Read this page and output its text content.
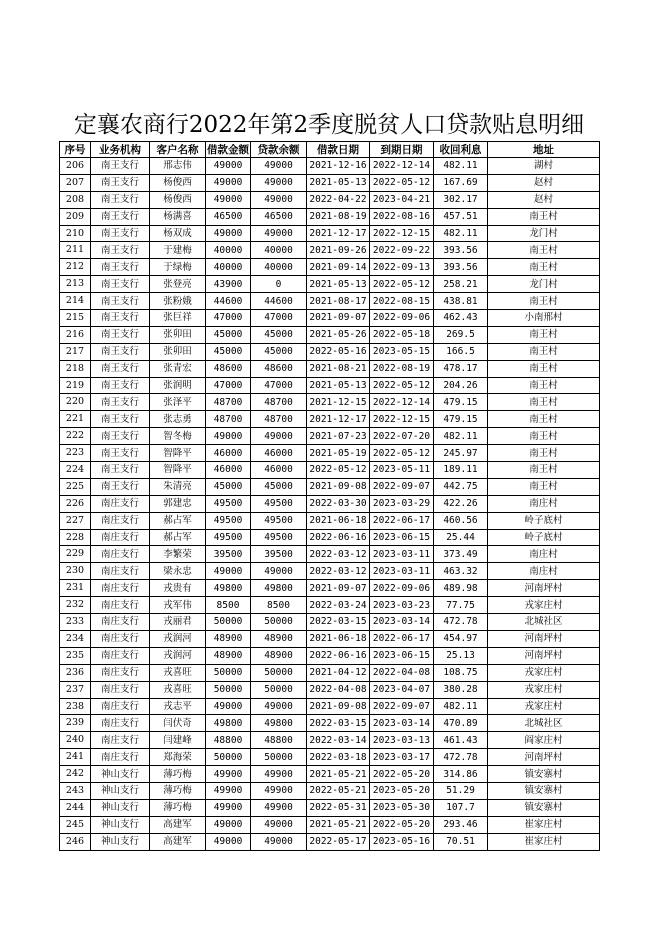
定襄农商行2022年第2季度脱贫人口贷款贴息明细
序号	业务机构	客户名称	借款金额	贷款余额	借款日期	到期日期	收回利息	地址
206	南王支行	邢志伟	49000	49000	2021-12-16	2022-12-14	482.11	湖村
207	南王支行	杨俊西	49000	49000	2021-05-13	2022-05-12	167.69	赵村
208	南王支行	杨俊西	49000	49000	2022-04-22	2023-04-21	302.17	赵村
209	南王支行	杨满喜	46500	46500	2021-08-19	2022-08-16	457.51	南王村
210	南王支行	杨双成	49000	49000	2021-12-17	2022-12-15	482.11	龙门村
211	南王支行	于建梅	40000	40000	2021-09-26	2022-09-22	393.56	南王村
212	南王支行	于绿梅	40000	40000	2021-09-14	2022-09-13	393.56	南王村
213	南王支行	张登亮	43900	0	2021-05-13	2022-05-12	258.21	龙门村
214	南王支行	张粉娥	44600	44600	2021-08-17	2022-08-15	438.81	南王村
215	南王支行	张巨祥	47000	47000	2021-09-07	2022-09-06	462.43	小南邢村
216	南王支行	张卯田	45000	45000	2021-05-26	2022-05-18	269.5	南王村
217	南王支行	张卯田	45000	45000	2022-05-16	2023-05-15	166.5	南王村
218	南王支行	张青宏	48600	48600	2021-08-21	2022-08-19	478.17	南王村
219	南王支行	张润明	47000	47000	2021-05-13	2022-05-12	204.26	南王村
220	南王支行	张泽平	48700	48700	2021-12-15	2022-12-14	479.15	南王村
221	南王支行	张志勇	48700	48700	2021-12-17	2022-12-15	479.15	南王村
222	南王支行	智冬梅	49000	49000	2021-07-23	2022-07-20	482.11	南王村
223	南王支行	智降平	46000	46000	2021-05-19	2022-05-12	245.97	南王村
224	南王支行	智降平	46000	46000	2022-05-12	2023-05-11	189.11	南王村
225	南王支行	朱清亮	45000	45000	2021-09-08	2022-09-07	442.75	南王村
226	南庄支行	郭建忠	49500	49500	2022-03-30	2023-03-29	422.26	南庄村
227	南庄支行	郝占军	49500	49500	2021-06-18	2022-06-17	460.56	岭子底村
228	南庄支行	郝占军	49500	49500	2022-06-16	2023-06-15	25.44	岭子底村
229	南庄支行	李繁荣	39500	39500	2022-03-12	2023-03-11	373.49	南庄村
230	南庄支行	梁永忠	49000	49000	2022-03-12	2023-03-11	463.32	南庄村
231	南庄支行	戎贵有	49800	49800	2021-09-07	2022-09-06	489.98	河南坪村
232	南庄支行	戎军伟	8500	8500	2022-03-24	2023-03-23	77.75	戎家庄村
233	南庄支行	戎丽君	50000	50000	2022-03-15	2023-03-14	472.78	北城社区
234	南庄支行	戎润河	48900	48900	2021-06-18	2022-06-17	454.97	河南坪村
235	南庄支行	戎润河	48900	48900	2022-06-16	2023-06-15	25.13	河南坪村
236	南庄支行	戎喜旺	50000	50000	2021-04-12	2022-04-08	108.75	戎家庄村
237	南庄支行	戎喜旺	50000	50000	2022-04-08	2023-04-07	380.28	戎家庄村
238	南庄支行	戎志平	49000	49000	2021-09-08	2022-09-07	482.11	戎家庄村
239	南庄支行	闫伏奇	49800	49800	2022-03-15	2023-03-14	470.89	北城社区
240	南庄支行	闫建峰	48800	48800	2022-03-14	2023-03-13	461.43	阎家庄村
241	南庄支行	郑海荣	50000	50000	2022-03-18	2023-03-17	472.78	河南坪村
242	神山支行	薄巧梅	49900	49900	2021-05-21	2022-05-20	314.86	镇安寨村
243	神山支行	薄巧梅	49900	49900	2022-05-21	2023-05-20	51.29	镇安寨村
244	神山支行	薄巧梅	49900	49900	2022-05-31	2023-05-30	107.7	镇安寨村
245	神山支行	高建军	49000	49000	2021-05-21	2022-05-20	293.46	崔家庄村
246	神山支行	高建军	49000	49000	2022-05-17	2023-05-16	70.51	崔家庄村
